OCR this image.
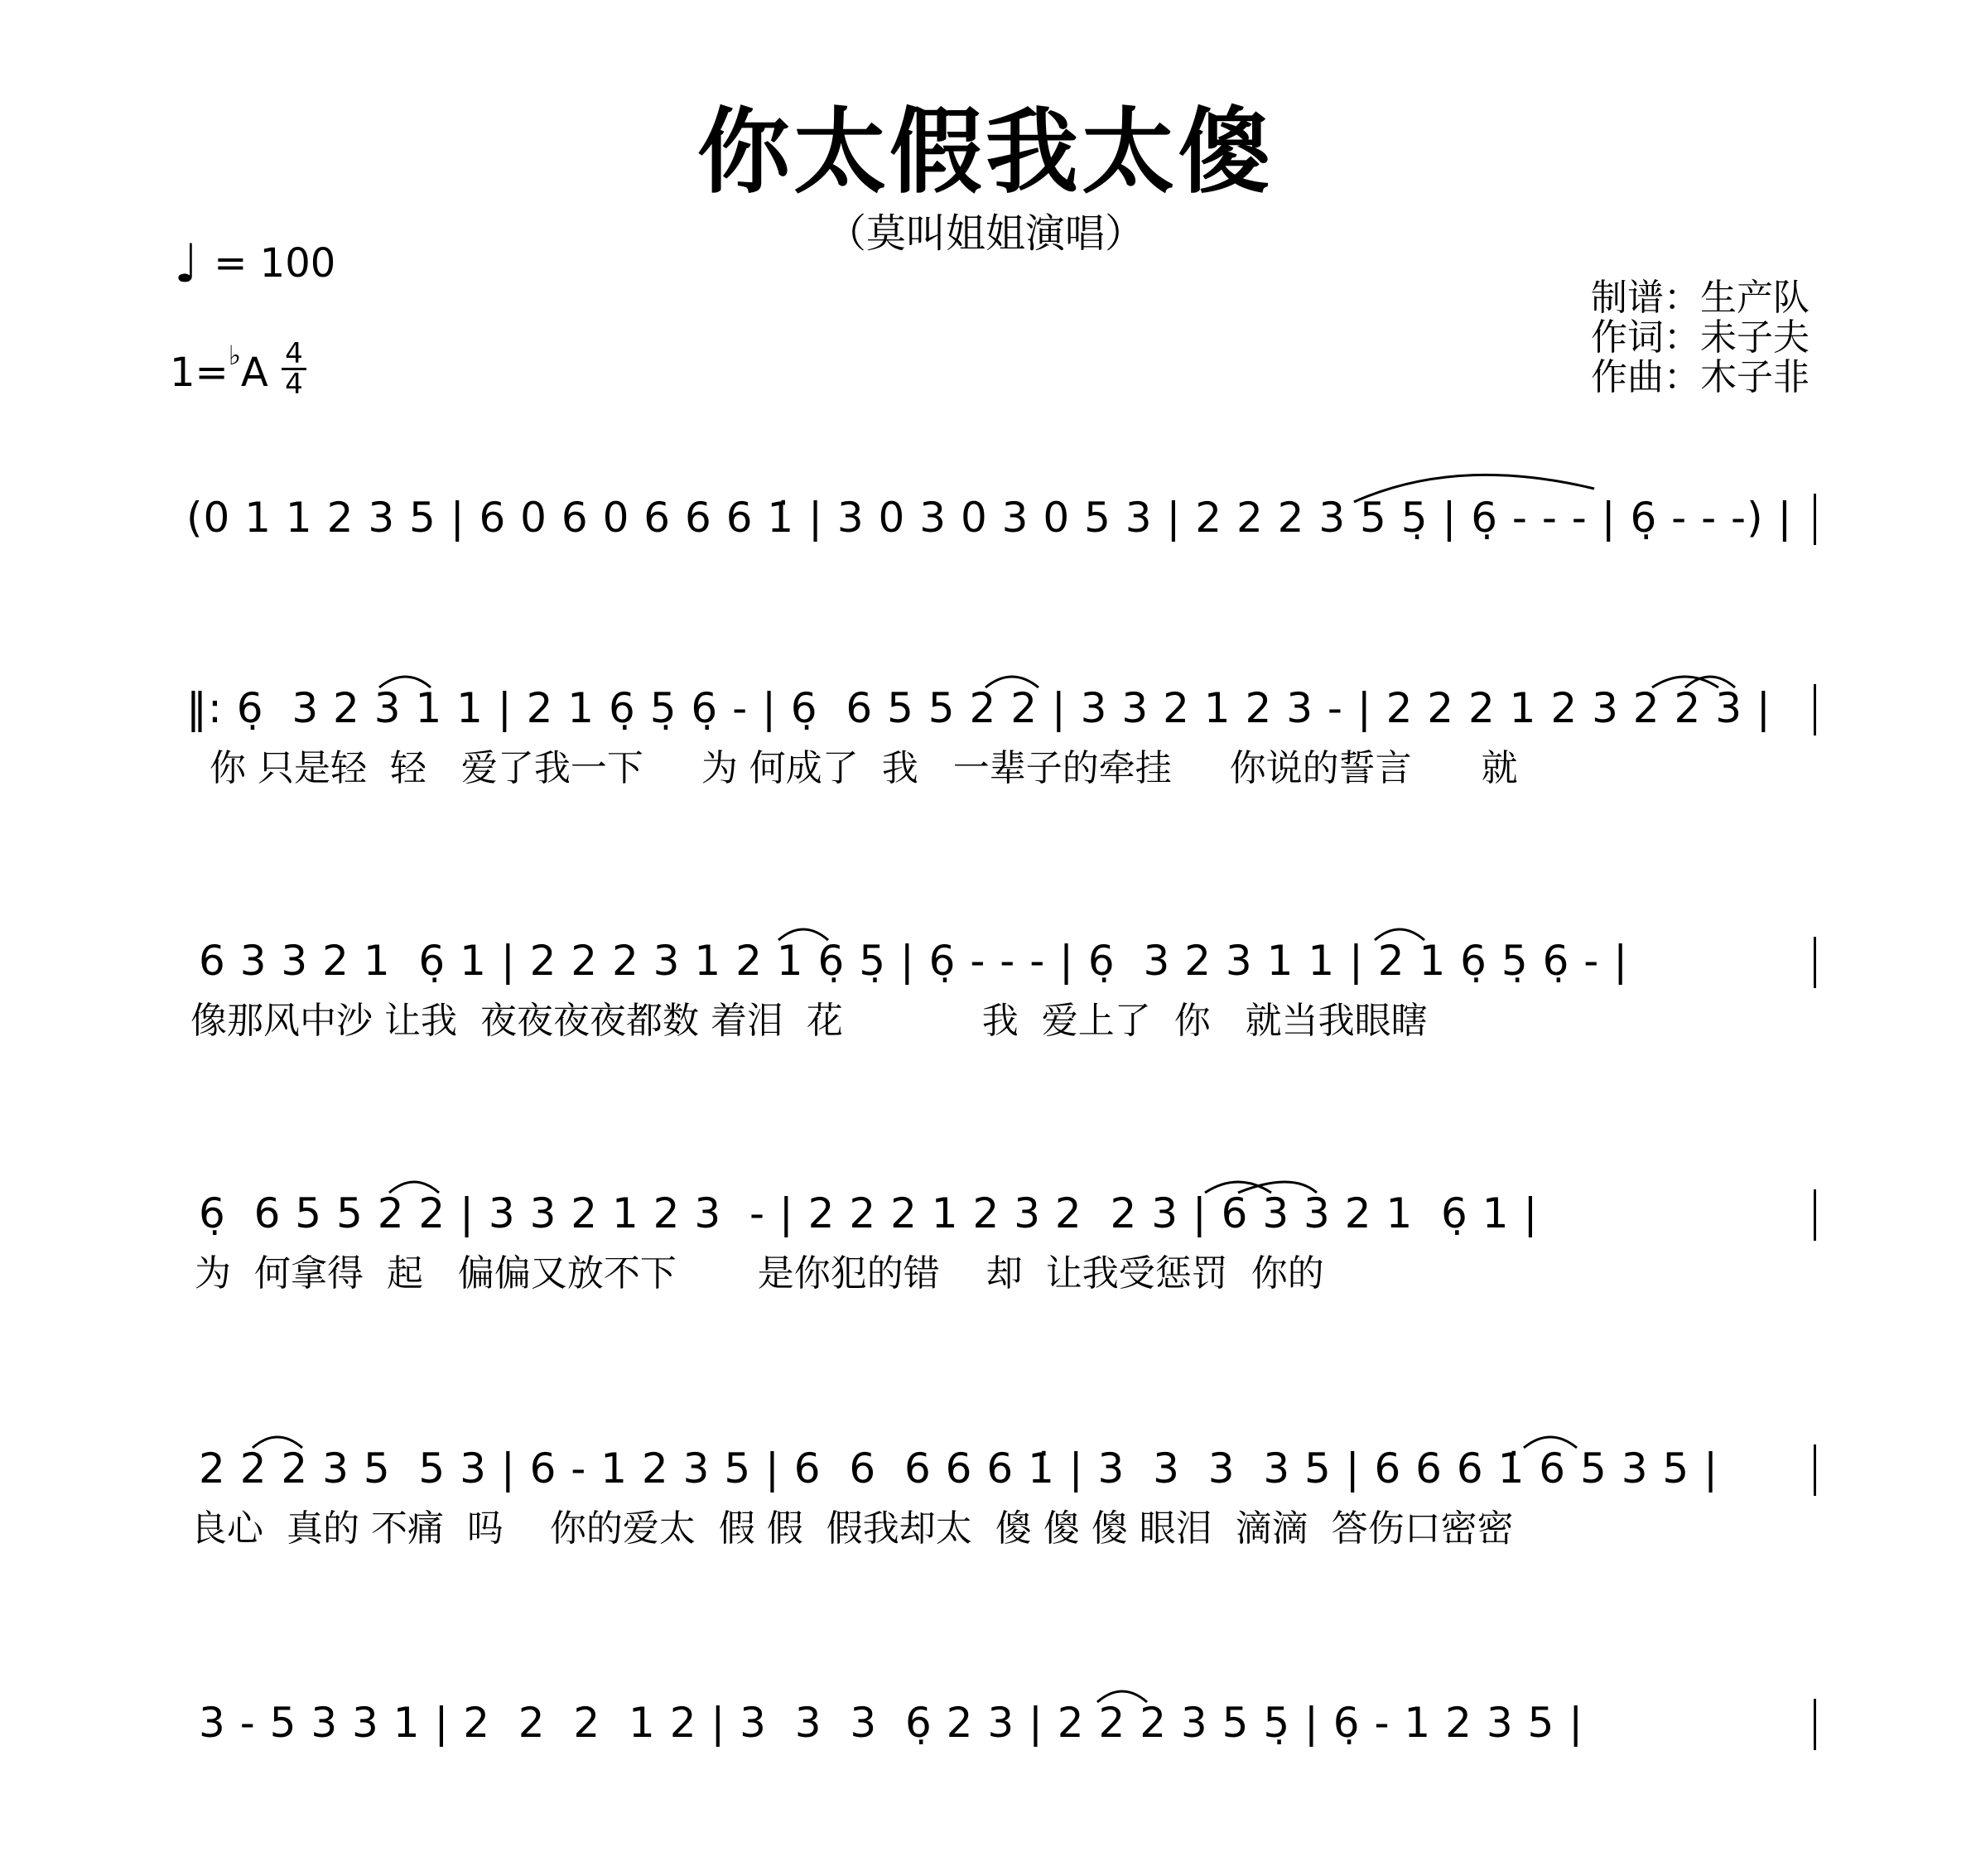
你太假我太傻
（莫叫姐姐演唱）
♩ = 100
1=♭A 4
4
制谱：生产队
作词：未子夫
作曲：木子非
(0 1 1 2 3 5 | 6 0 6 0 6 6 6 1̇ | 3 0 3 0 3 0 5 3 | 2 2 2 3 5 5̣ | 6̣ - - - | 6̣ - - -) |
‖: 6̣  3 2 3 1 1 | 2 1 6̣ 5̣ 6̣ - | 6̣  6 5 5 2 2 | 3 3 2 1 2 3 - | 2 2 2 1 2 3 2 2 3 |
你 只是轻  轻   爱了我一下     为 何成了  我   一辈子的牵挂     你说的誓言      就
6 3 3 2 1  6̣ 1 | 2 2 2 3 1 2 1 6̣ 5̣ | 6̣ - - - | 6̣  3 2 3 1 1 | 2 1 6̣ 5̣ 6̣ - |
像那风中沙 让我  夜夜夜夜都数 着泪  花            我  爱上了  你   就当我眼瞎
6̣  6 5 5 2 2 | 3 3 2 1 2 3  - | 2 2 2 1 2 3 2  2 3 | 6 3 3 2 1  6̣ 1 |
为  何拿得  起   偏偏又放不下       是你犯的错    却  让我受惩罚  你的
2 2 2 3 5  5 3 | 6 - 1 2 3 5 | 6  6  6 6 6 1̇ | 3  3  3  3 5 | 6 6 6 1̇ 6 5 3 5 |
良心  真的 不痛  吗    你的爱太  假 假  假我却太  傻 傻 傻 眼泪  滴滴  答伤口密密
3 - 5 3 3 1 | 2  2  2  1 2 | 3  3  3  6̣ 2 3 | 2 2 2 3 5 5̣ | 6̣ - 1 2 3 5 |
